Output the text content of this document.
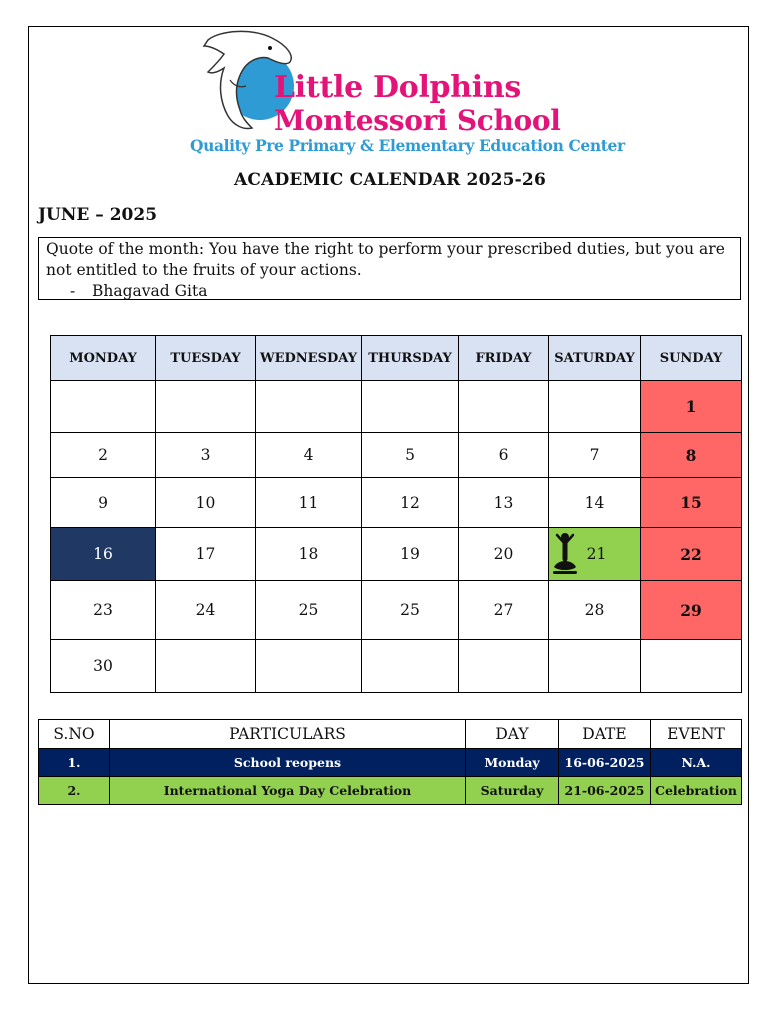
Little Dolphins
Montessori School
Quality Pre Primary & Elementary Education Center
ACADEMIC CALENDAR 2025-26
JUNE – 2025
Quote of the month: You have the right to perform your prescribed duties, but you are not entitled to the fruits of your actions.
- Bhagavad Gita
MONDAY	TUESDAY	WEDNESDAY	THURSDAY	FRIDAY	SATURDAY	SUNDAY
						1
2	3	4	5	6	7	8
9	10	11	12	13	14	15
16	17	18	19	20	21	22
23	24	25	25	27	28	29
30						
S.NO	PARTICULARS	DAY	DATE	EVENT
1.	School reopens	Monday	16-06-2025	N.A.
2.	International Yoga Day Celebration	Saturday	21-06-2025	Celebration
